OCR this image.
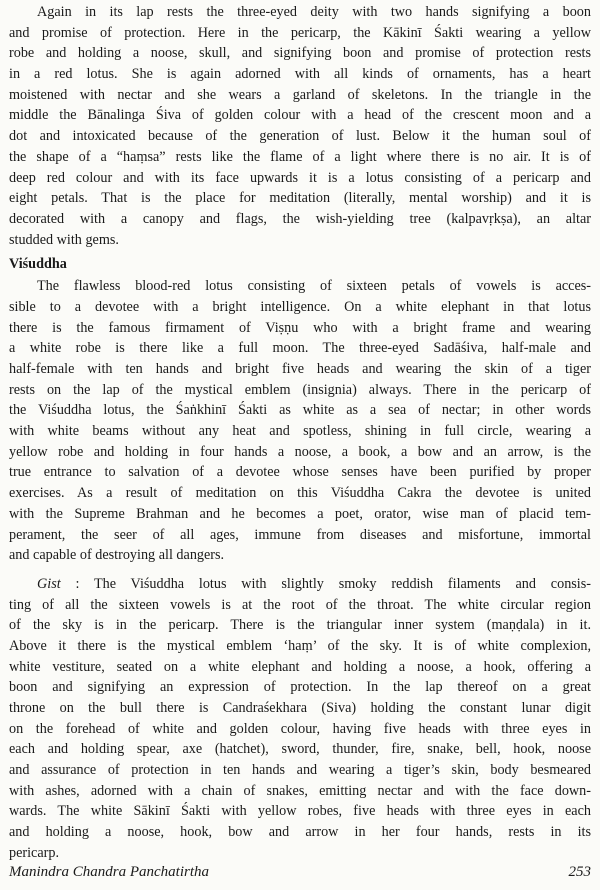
Again in its lap rests the three-eyed deity with two hands signifying a boon
and promise of protection. Here in the pericarp, the Kākinī Śakti wearing a yellow
robe and holding a noose, skull, and signifying boon and promise of protection rests
in a red lotus. She is again adorned with all kinds of ornaments, has a heart
moistened with nectar and she wears a garland of skeletons. In the triangle in the
middle the Bānalinga Śiva of golden colour with a head of the crescent moon and a
dot and intoxicated because of the generation of lust. Below it the human soul of
the shape of a “haṃsa” rests like the flame of a light where there is no air. It is of
deep red colour and with its face upwards it is a lotus consisting of a pericarp and
eight petals. That is the place for meditation (literally, mental worship) and it is
decorated with a canopy and flags, the wish-yielding tree (kalpavṛkṣa), an altar
studded with gems.
Viśuddha
The flawless blood-red lotus consisting of sixteen petals of vowels is acces-
sible to a devotee with a bright intelligence. On a white elephant in that lotus
there is the famous firmament of Viṣṇu who with a bright frame and wearing
a white robe is there like a full moon. The three-eyed Sadāśiva, half-male and
half-female with ten hands and bright five heads and wearing the skin of a tiger
rests on the lap of the mystical emblem (insignia) always. There in the pericarp of
the Viśuddha lotus, the Śaṅkhinī Śakti as white as a sea of nectar; in other words
with white beams without any heat and spotless, shining in full circle, wearing a
yellow robe and holding in four hands a noose, a book, a bow and an arrow, is the
true entrance to salvation of a devotee whose senses have been purified by proper
exercises. As a result of meditation on this Viśuddha Cakra the devotee is united
with the Supreme Brahman and he becomes a poet, orator, wise man of placid tem-
perament, the seer of all ages, immune from diseases and misfortune, immortal
and capable of destroying all dangers.
Gist : The Viśuddha lotus with slightly smoky reddish filaments and consis-
ting of all the sixteen vowels is at the root of the throat. The white circular region
of the sky is in the pericarp. There is the triangular inner system (maṇḍala) in it.
Above it there is the mystical emblem ‘haṃ’ of the sky. It is of white complexion,
white vestiture, seated on a white elephant and holding a noose, a hook, offering a
boon and signifying an expression of protection. In the lap thereof on a great
throne on the bull there is Candraśekhara (Siva) holding the constant lunar digit
on the forehead of white and golden colour, having five heads with three eyes in
each and holding spear, axe (hatchet), sword, thunder, fire, snake, bell, hook, noose
and assurance of protection in ten hands and wearing a tiger’s skin, body besmeared
with ashes, adorned with a chain of snakes, emitting nectar and with the face down-
wards. The white Sākinī Śakti with yellow robes, five heads with three eyes in each
and holding a noose, hook, bow and arrow in her four hands, rests in its
pericarp.
Manindra Chandra Panchatirtha	253
